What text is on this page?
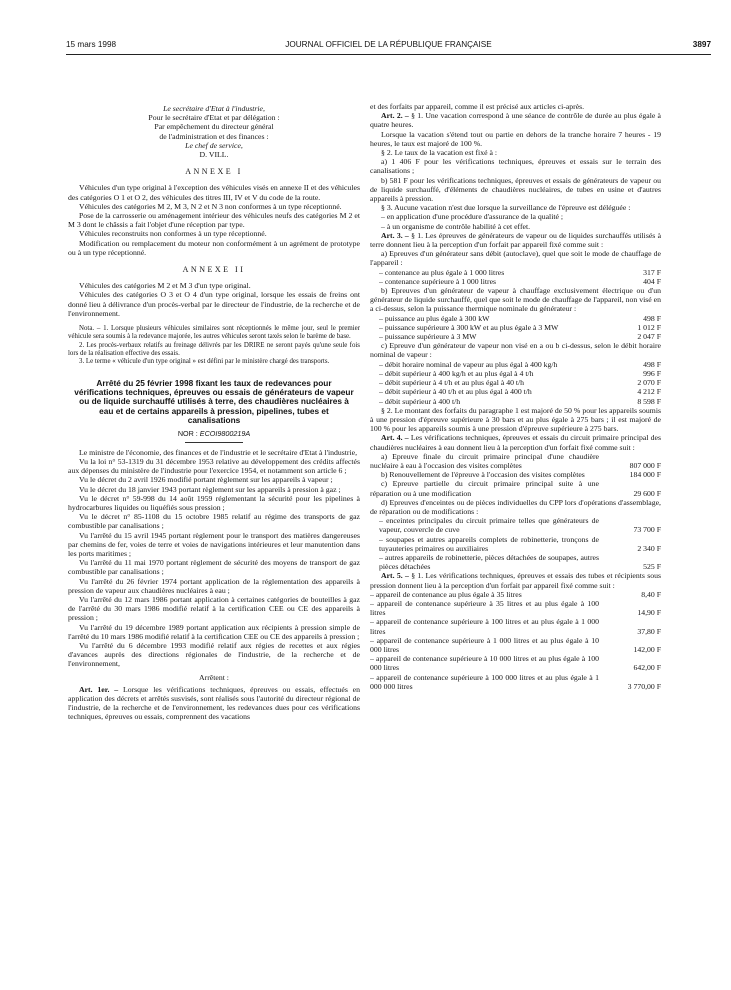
15 mars 1998	JOURNAL OFFICIEL DE LA RÉPUBLIQUE FRANÇAISE	3897
Le secrétaire d'Etat à l'industrie,
Pour le secrétaire d'Etat et par délégation :
Par empêchement du directeur général
de l'administration et des finances :
Le chef de service,
D. VILL.
ANNEXE I

Véhicules d'un type original à l'exception des véhicules visés en annexe II et des véhicules des catégories O 1 et O 2, des véhicules des titres III, IV et V du code de la route.

Véhicules des catégories M 2, M 3, N 2 et N 3 non conformes à un type réceptionné.

Pose de la carrosserie ou aménagement intérieur des véhicules neufs des catégories M 2 et M 3 dont le châssis a fait l'objet d'une réception par type.

Véhicules reconstruits non conformes à un type réceptionné.

Modification ou remplacement du moteur non conformément à un agrément de prototype ou à un type réceptionné.

ANNEXE II

Véhicules des catégories M 2 et M 3 d'un type original.

Véhicules des catégories O 3 et O 4 d'un type original, lorsque les essais de freins ont donné lieu à délivrance d'un procès-verbal par le directeur de l'industrie, de la recherche et de l'environnement.

Nota. – 1. Lorsque plusieurs véhicules similaires sont réceptionnés le même jour, seul le premier véhicule sera soumis à la redevance majorée, les autres véhicules seront taxés selon le barème de base.

2. Les procès-verbaux relatifs au freinage délivrés par les DRIRE ne seront payés qu'une seule fois lors de la réalisation effective des essais.

3. Le terme « véhicule d'un type original » est défini par le ministère chargé des transports.

Arrêté du 25 février 1998 fixant les taux de redevances pour vérifications techniques, épreuves ou essais de générateurs de vapeur ou de liquide surchauffé utilisés à terre, des chaudières nucléaires à eau et de certains appareils à pression, pipelines, tubes et canalisations
NOR : ECOI9800219A

Le ministre de l'économie, des finances et de l'industrie et le secrétaire d'Etat à l'industrie,

Vu la loi n° 53-1319 du 31 décembre 1953 relative au développement des crédits affectés aux dépenses du ministère de l'industrie pour l'exercice 1954, et notamment son article 6 ;

Vu le décret du 2 avril 1926 modifié portant règlement sur les appareils à vapeur ;

Vu le décret du 18 janvier 1943 portant règlement sur les appareils à pression à gaz ;

Vu le décret n° 59-998 du 14 août 1959 réglementant la sécurité pour les pipelines à hydrocarbures liquides ou liquéfiés sous pression ;

Vu le décret n° 85-1108 du 15 octobre 1985 relatif au régime des transports de gaz combustible par canalisations ;

Vu l'arrêté du 15 avril 1945 portant règlement pour le transport des matières dangereuses par chemins de fer, voies de terre et voies de navigations intérieures et leur manutention dans les ports maritimes ;

Vu l'arrêté du 11 mai 1970 portant règlement de sécurité des moyens de transport de gaz combustible par canalisations ;

Vu l'arrêté du 26 février 1974 portant application de la réglementation des appareils à pression de vapeur aux chaudières nucléaires à eau ;

Vu l'arrêté du 12 mars 1986 portant application à certaines catégories de bouteilles à gaz de l'arrêté du 30 mars 1986 modifié relatif à la certification CEE ou CE des appareils à pression ;

Vu l'arrêté du 19 décembre 1989 portant application aux récipients à pression simple de l'arrêté du 10 mars 1986 modifié relatif à la certification CEE ou CE des appareils à pression ;

Vu l'arrêté du 6 décembre 1993 modifié relatif aux régies de recettes et aux régies d'avances auprès des directions régionales de l'industrie, de la recherche et de l'environnement,

Arrêtent :

Art. 1er. – Lorsque les vérifications techniques, épreuves ou essais, effectués en application des décrets et arrêtés susvisés, sont réalisés sous l'autorité du directeur régional de l'industrie, de la recherche et de l'environnement, les redevances dues pour ces vérifications techniques, épreuves ou essais, comprennent des vacations

et des forfaits par appareil, comme il est précisé aux articles ci-après.

Art. 2. – § 1. Une vacation correspond à une séance de contrôle de durée au plus égale à quatre heures.

Lorsque la vacation s'étend tout ou partie en dehors de la tranche horaire 7 heures - 19 heures, le taux est majoré de 100 %.

§ 2. Le taux de la vacation est fixé à :

a) 1 406 F pour les vérifications techniques, épreuves et essais sur le terrain des canalisations ;

b) 581 F pour les vérifications techniques, épreuves et essais de générateurs de vapeur ou de liquide surchauffé, d'éléments de chaudières nucléaires, de tubes en usine et d'autres appareils à pression.

§ 3. Aucune vacation n'est due lorsque la surveillance de l'épreuve est déléguée :

– en application d'une procédure d'assurance de la qualité ;

– à un organisme de contrôle habilité à cet effet.

Art. 3. – § 1. Les épreuves de générateurs de vapeur ou de liquides surchauffés utilisés à terre donnent lieu à la perception d'un forfait par appareil fixé comme suit :

a) Epreuves d'un générateur sans débit (autoclave), quel que soit le mode de chauffage de l'appareil :

– contenance au plus égale à 1 000 litres	317 F
– contenance supérieure à 1 000 litres	404 F

b) Epreuves d'un générateur de vapeur à chauffage exclusivement électrique ou d'un générateur de liquide surchauffé, quel que soit le mode de chauffage de l'appareil, non visé en a ci-dessus, selon la puissance thermique nominale du générateur :

– puissance au plus égale à 300 kW	498 F
– puissance supérieure à 300 kW et au plus égale à 3 MW	1 012 F
– puissance supérieure à 3 MW	2 047 F

c) Epreuve d'un générateur de vapeur non visé en a ou b ci-dessus, selon le débit horaire nominal de vapeur :

– débit horaire nominal de vapeur au plus égal à 400 kg/h	498 F
– débit supérieur à 400 kg/h et au plus égal à 4 t/h	996 F
– débit supérieur à 4 t/h et au plus égal à 40 t/h	2 070 F
– débit supérieur à 40 t/h et au plus égal à 400 t/h	4 212 F
– débit supérieur à 400 t/h	8 598 F

§ 2. Le montant des forfaits du paragraphe 1 est majoré de 50 % pour les appareils soumis à une pression d'épreuve supérieure à 30 bars et au plus égale à 275 bars ; il est majoré de 100 % pour les appareils soumis à une pression d'épreuve supérieure à 275 bars.

Art. 4. – Les vérifications techniques, épreuves et essais du circuit primaire principal des chaudières nucléaires à eau donnent lieu à la perception d'un forfait fixé comme suit :

a) Epreuve finale du circuit primaire principal d'une chaudière nucléaire à eau à l'occasion des visites complètes	807 000 F
b) Renouvellement de l'épreuve à l'occasion des visites complètes	184 000 F
c) Epreuve partielle du circuit primaire principal suite à une réparation ou à une modification	29 600 F

d) Epreuves d'enceintes ou de pièces individuelles du CPP lors d'opérations d'assemblage, de réparation ou de modifications :

– enceintes principales du circuit primaire telles que générateurs de vapeur, couvercle de cuve	73 700 F
– soupapes et autres appareils complets de robinetterie, tronçons de tuyauteries primaires ou auxiliaires	2 340 F
– autres appareils de robinetterie, pièces détachées de soupapes, autres pièces détachées	525 F

Art. 5. – § 1. Les vérifications techniques, épreuves et essais des tubes et récipients sous pression donnent lieu à la perception d'un forfait par appareil fixé comme suit :

– appareil de contenance au plus égale à 35 litres	8,40 F
– appareil de contenance supérieure à 35 litres et au plus égale à 100 litres	14,90 F
– appareil de contenance supérieure à 100 litres et au plus égale à 1 000 litres	37,80 F
– appareil de contenance supérieure à 1 000 litres et au plus égale à 10 000 litres	142,00 F
– appareil de contenance supérieure à 10 000 litres et au plus égale à 100 000 litres	642,00 F
– appareil de contenance supérieure à 100 000 litres et au plus égale à 1 000 000 litres	3 770,00 F
